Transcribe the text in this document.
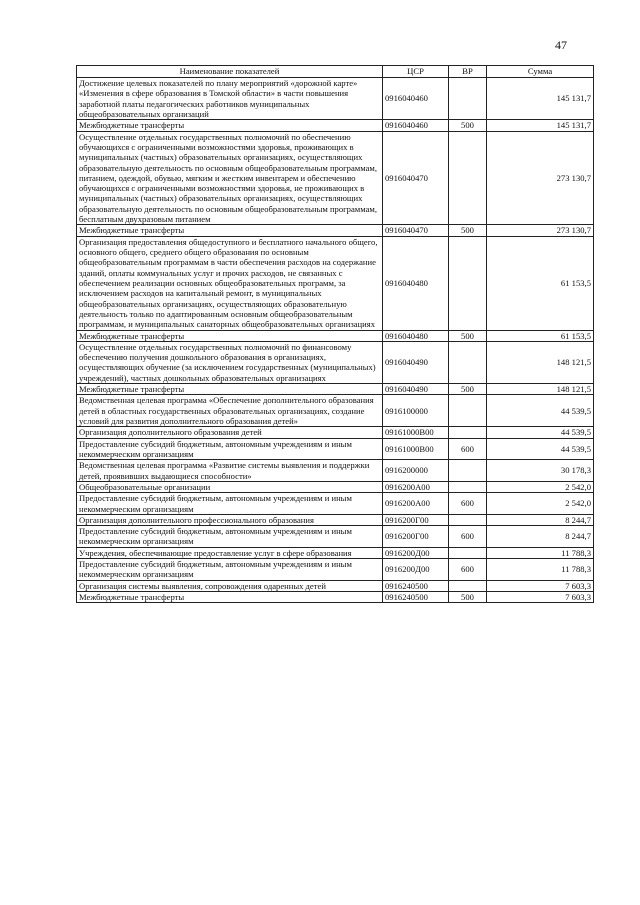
47
Наименование показателей	ЦСР	ВР	Сумма
Достижение целевых показателей по плану мероприятий «дорожной карте» «Изменения в сфере образования в Томской области» в части повышения заработной платы педагогических работников муниципальных общеобразовательных организаций	0916040460		145 131,7
Межбюджетные трансферты	0916040460	500	145 131,7
Осуществление отдельных государственных полномочий по обеспечению обучающихся с ограниченными возможностями здоровья, проживающих в муниципальных (частных) образовательных организациях, осуществляющих образовательную деятельность по основным общеобразовательным программам, питанием, одеждой, обувью, мягким и жестким инвентарем и обеспечению обучающихся с ограниченными возможностями здоровья, не проживающих в муниципальных (частных) образовательных организациях, осуществляющих образовательную деятельность по основным общеобразовательным программам, бесплатным двухразовым питанием	0916040470		273 130,7
Межбюджетные трансферты	0916040470	500	273 130,7
Организация предоставления общедоступного и бесплатного начального общего, основного общего, среднего общего образования по основным общеобразовательным программам в части обеспечения расходов на содержание зданий, оплаты коммунальных услуг и прочих расходов, не связанных с обеспечением реализации основных общеобразовательных программ, за исключением расходов на капитальный ремонт, в муниципальных общеобразовательных организациях, осуществляющих образовательную деятельность только по адаптированным основным общеобразовательным программам, и муниципальных санаторных общеобразовательных организациях	0916040480		61 153,5
Межбюджетные трансферты	0916040480	500	61 153,5
Осуществление отдельных государственных полномочий по финансовому обеспечению получения дошкольного образования в организациях, осуществляющих обучение (за исключением государственных (муниципальных) учреждений), частных дошкольных образовательных организациях	0916040490		148 121,5
Межбюджетные трансферты	0916040490	500	148 121,5
Ведомственная целевая программа «Обеспечение дополнительного образования детей в областных государственных образовательных организациях, создание условий для развития дополнительного образования детей»	0916100000		44 539,5
Организация дополнительного образования детей	09161000В00		44 539,5
Предоставление субсидий бюджетным, автономным учреждениям и иным некоммерческим организациям	09161000В00	600	44 539,5
Ведомственная целевая программа «Развитие системы выявления и поддержки детей, проявивших выдающиеся способности»	0916200000		30 178,3
Общеобразовательные организации	0916200А00		2 542,0
Предоставление субсидий бюджетным, автономным учреждениям и иным некоммерческим организациям	0916200А00	600	2 542,0
Организация дополнительного профессионального образования	0916200Г00		8 244,7
Предоставление субсидий бюджетным, автономным учреждениям и иным некоммерческим организациям	0916200Г00	600	8 244,7
Учреждения, обеспечивающие предоставление услуг в сфере образования	0916200Д00		11 788,3
Предоставление субсидий бюджетным, автономным учреждениям и иным некоммерческим организациям	0916200Д00	600	11 788,3
Организация системы выявления, сопровождения одаренных детей	0916240500		7 603,3
Межбюджетные трансферты	0916240500	500	7 603,3
